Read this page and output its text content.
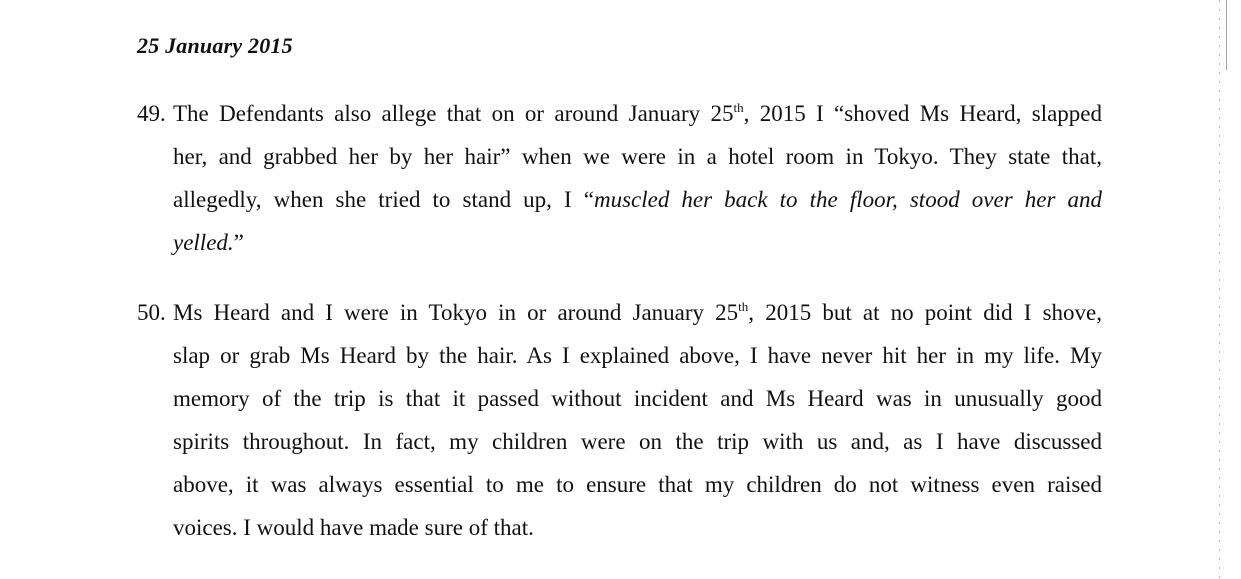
25 January 2015
49. The Defendants also allege that on or around January 25th, 2015 I “shoved Ms Heard, slapped
her, and grabbed her by her hair” when we were in a hotel room in Tokyo. They state that,
allegedly, when she tried to stand up, I “muscled her back to the floor, stood over her and
yelled.”
50. Ms Heard and I were in Tokyo in or around January 25th, 2015 but at no point did I shove,
slap or grab Ms Heard by the hair. As I explained above, I have never hit her in my life. My
memory of the trip is that it passed without incident and Ms Heard was in unusually good
spirits throughout. In fact, my children were on the trip with us and, as I have discussed
above, it was always essential to me to ensure that my children do not witness even raised
voices. I would have made sure of that.
